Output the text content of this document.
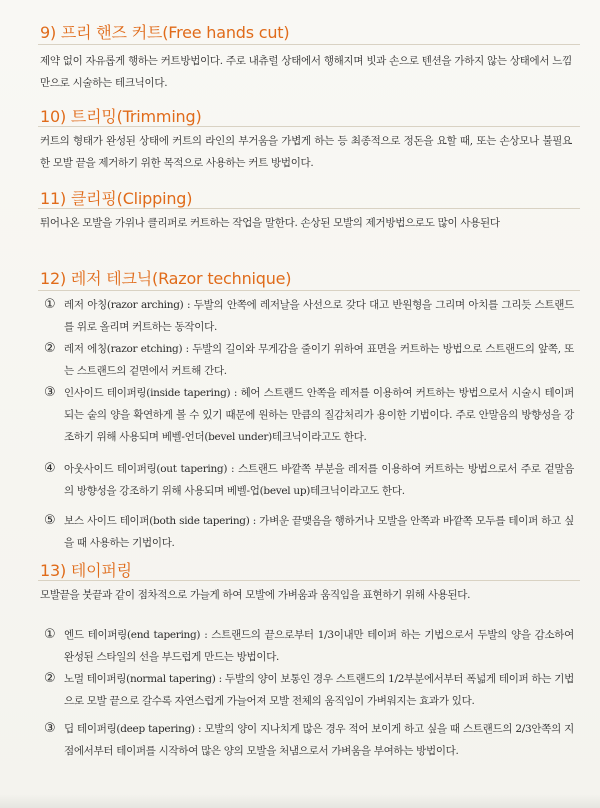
9) 프리 핸즈 커트(Free hands cut)
제약 없이 자유롭게 행하는 커트방법이다. 주로 내츄럴 상태에서 행해지며 빗과 손으로 텐션을 가하지 않는 상태에서 느낌만으로 시술하는 테크닉이다.
10) 트리밍(Trimming)
커트의 형태가 완성된 상태에 커트의 라인의 부거움을 가볍게 하는 등 최종적으로 정돈을 요할 때, 또는 손상모나 불필요한 모발 끝을 제거하기 위한 목적으로 사용하는 커트 방법이다.
11) 클리핑(Clipping)
튀어나온 모발을 가위나 클리퍼로 커트하는 작업을 말한다. 손상된 모발의 제거방법으로도 많이 사용된다
12) 레저 테크닉(Razor technique)
① 레저 아칭(razor arching) : 두발의 안쪽에 레저날을 사선으로 갖다 대고 반원형을 그리며 아치를 그리듯 스트랜드를 위로 올리며 커트하는 동작이다.
② 레저 에칭(razor etching) : 두발의 길이와 무게감을 줄이기 위하여 표면을 커트하는 방법으로 스트랜드의 앞쪽, 또는 스트랜드의 겉면에서 커트해 간다.
③ 인사이드 테이퍼링(inside tapering) : 헤어 스트랜드 안쪽을 레저를 이용하여 커트하는 방법으로서 시술시 테이퍼 되는 숱의 양을 확연하게 볼 수 있기 때문에 원하는 만큼의 질감처리가 용이한 기법이다. 주로 안말음의 방향성을 강조하기 위해 사용되며 베벨-언더(bevel under)테크닉이라고도 한다.
④ 아웃사이드 테이퍼링(out tapering) : 스트랜드 바깥쪽 부분을 레저를 이용하여 커트하는 방법으로서 주로 겉말음의 방향성을 강조하기 위해 사용되며 베벨-업(bevel up)테크닉이라고도 한다.
⑤ 보스 사이드 테이퍼(both side tapering) : 가벼운 끝맺음을 행하거나 모발을 안쪽과 바깥쪽 모두를 테이퍼 하고 싶을 때 사용하는 기법이다.
13) 테이퍼링
모발끝을 붓끝과 같이 점차적으로 가늘게 하여 모발에 가벼움과 움직임을 표현하기 위해 사용된다.
① 엔드 테이퍼링(end tapering) : 스트랜드의 끝으로부터 1/3이내만 테이퍼 하는 기법으로서 두발의 양을 감소하여 완성된 스타일의 선을 부드럽게 만드는 방법이다.
② 노멀 테이퍼링(normal tapering) : 두발의 양이 보통인 경우 스트랜드의 1/2부분에서부터 폭넓게 테이퍼 하는 기법으로 모발 끝으로 갈수록 자연스럽게 가늘어져 모발 전체의 움직임이 가벼워지는 효과가 있다.
③ 딥 테이퍼링(deep tapering) : 모발의 양이 지나치게 많은 경우 적어 보이게 하고 싶을 때 스트랜드의 2/3안쪽의 지점에서부터 테이퍼를 시작하여 많은 양의 모발을 처냄으로서 가벼움을 부여하는 방법이다.
